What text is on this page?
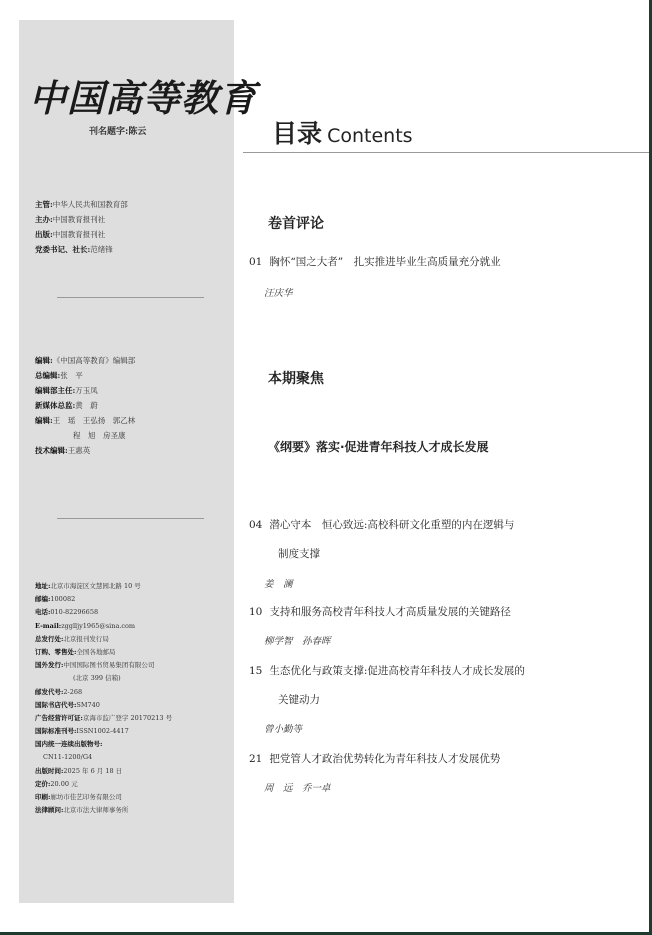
中国高等教育
刊名题字:陈云
主管:中华人民共和国教育部
主办:中国教育报刊社
出版:中国教育报刊社
党委书记、社长:范绪锋
编辑:《中国高等教育》编辑部
总编辑:张　平
编辑部主任:万玉凤
新媒体总监:黄　蔚
编辑:王　瑶　王弘扬　郭乙林
程　旭　房圣康
技术编辑:王惠英
地址:北京市海淀区文慧园北路 10 号
邮编:100082
电话:010-82296658
E-mail:zgglljy1965@sina.com
总发行处:北京报刊发行局
订购、零售处:全国各地邮局
国外发行:中国国际图书贸易集团有限公司
(北京 399 信箱)
邮发代号:2-268
国际书店代号:SM740
广告经营许可证:京海市监广登字 20170213 号
国际标准刊号:ISSN1002-4417
国内统一连续出版物号:
CN11-1200/G4
出版时间:2025 年 6 月 18 日
定价:20.00 元
印刷:廊坊市佳艺印务有限公司
法律顾问:北京市法大律师事务所
目录 Contents
卷首评论
01 胸怀“国之大者”　扎实推进毕业生高质量充分就业
汪庆华
本期聚焦
《纲要》落实·促进青年科技人才成长发展
04 潜心守本　恒心致远:高校科研文化重塑的内在逻辑与
制度支撑
姜　澜
10 支持和服务高校青年科技人才高质量发展的关键路径
柳学智　孙春晖
15 生态优化与政策支撑:促进高校青年科技人才成长发展的
关键动力
曾小勤等
21 把党管人才政治优势转化为青年科技人才发展优势
周　远　乔一卓
